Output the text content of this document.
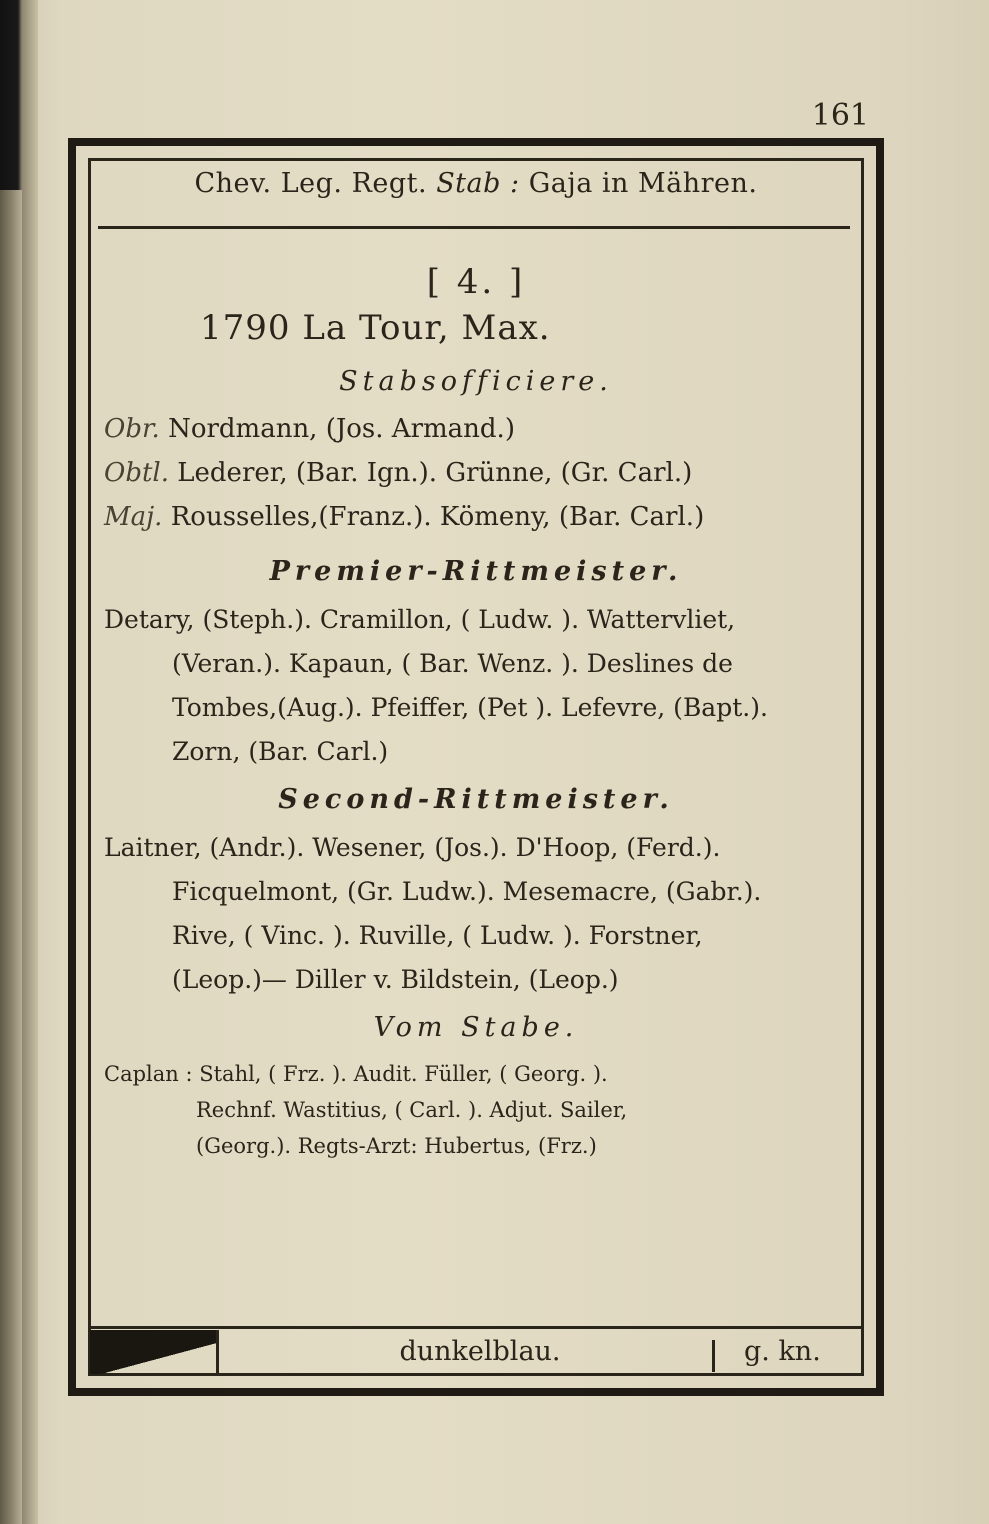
161
Chev. Leg. Regt. Stab : Gaja in Mähren.
[ 4. ]
1790 La Tour, Max.
Stabsofficiere.
Obr. Nordmann, (Jos. Armand.)
Obtl. Lederer, (Bar. Ign.). Grünne, (Gr. Carl.)
Maj. Rousselles,(Franz.). Kömeny, (Bar. Carl.)
Premier-Rittmeister.
Detary, (Steph.). Cramillon, ( Ludw. ). Wattervliet,
(Veran.). Kapaun, ( Bar. Wenz. ). Deslines de
Tombes,(Aug.). Pfeiffer, (Pet ). Lefevre, (Bapt.).
Zorn, (Bar. Carl.)
Second-Rittmeister.
Laitner, (Andr.). Wesener, (Jos.). D'Hoop, (Ferd.).
Ficquelmont, (Gr. Ludw.). Mesemacre, (Gabr.).
Rive, ( Vinc. ). Ruville, ( Ludw. ). Forstner,
(Leop.)— Diller v. Bildstein, (Leop.)
Vom Stabe.
Caplan : Stahl, ( Frz. ). Audit. Füller, ( Georg. ).
Rechnf. Wastitius, ( Carl. ). Adjut. Sailer,
(Georg.). Regts-Arzt: Hubertus, (Frz.)
dunkelblau.	g. kn.
